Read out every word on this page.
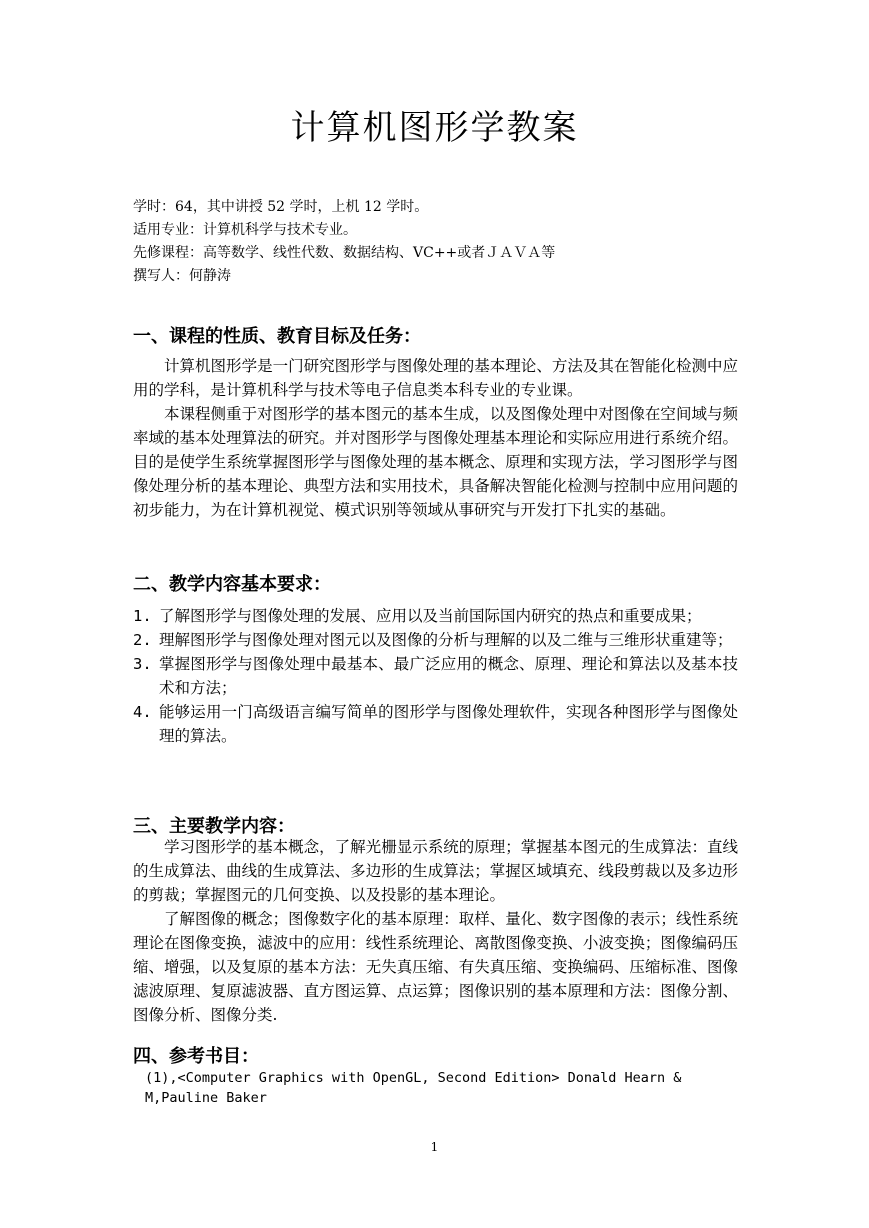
计算机图形学教案
学时：64，其中讲授 52 学时，上机 12 学时。
适用专业：计算机科学与技术专业。
先修课程：高等数学、线性代数、数据结构、VC++或者ＪＡＶＡ等
撰写人：何静涛
一、课程的性质、教育目标及任务：

计算机图形学是一门研究图形学与图像处理的基本理论、方法及其在智能化检测中应用的学科，是计算机科学与技术等电子信息类本科专业的专业课。

本课程侧重于对图形学的基本图元的基本生成，以及图像处理中对图像在空间域与频率域的基本处理算法的研究。并对图形学与图像处理基本理论和实际应用进行系统介绍。目的是使学生系统掌握图形学与图像处理的基本概念、原理和实现方法，学习图形学与图像处理分析的基本理论、典型方法和实用技术，具备解决智能化检测与控制中应用问题的初步能力，为在计算机视觉、模式识别等领域从事研究与开发打下扎实的基础。

二、教学内容基本要求：
1. 了解图形学与图像处理的发展、应用以及当前国际国内研究的热点和重要成果；
2. 理解图形学与图像处理对图元以及图像的分析与理解的以及二维与三维形状重建等；
3. 掌握图形学与图像处理中最基本、最广泛应用的概念、原理、理论和算法以及基本技术和方法；
4. 能够运用一门高级语言编写简单的图形学与图像处理软件，实现各种图形学与图像处理的算法。
三、主要教学内容：

学习图形学的基本概念，了解光栅显示系统的原理；掌握基本图元的生成算法：直线的生成算法、曲线的生成算法、多边形的生成算法；掌握区域填充、线段剪裁以及多边形的剪裁；掌握图元的几何变换、以及投影的基本理论。

了解图像的概念；图像数字化的基本原理：取样、量化、数字图像的表示；线性系统理论在图像变换，滤波中的应用：线性系统理论、离散图像变换、小波变换；图像编码压缩、增强，以及复原的基本方法：无失真压缩、有失真压缩、变换编码、压缩标准、图像滤波原理、复原滤波器、直方图运算、点运算；图像识别的基本原理和方法：图像分割、图像分析、图像分类.

四、参考书目：
(1),<Computer Graphics with OpenGL, Second Edition> Donald Hearn & M,Pauline Baker
1
